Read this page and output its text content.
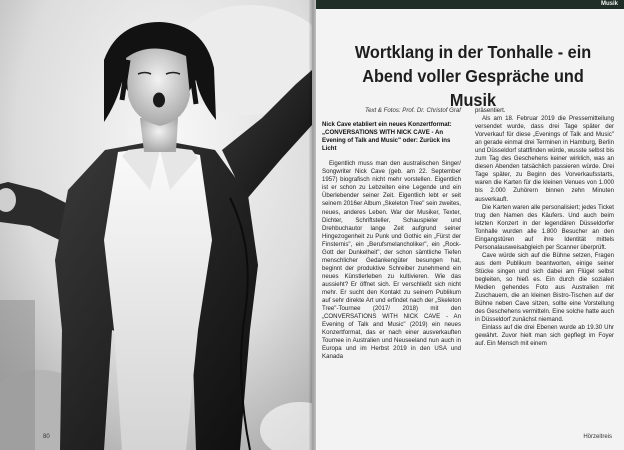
80
Musik
Wortklang in der Tonhalle - ein
Abend voller Gespräche und Musik

Text & Fotos: Prof. Dr. Christof Graf

Nick Cave etabliert ein neues Konzertformat: „CONVERSATIONS WITH NICK CAVE - An Evening of Talk and Music" oder: Zurück ins Licht

Eigentlich muss man den australischen Singer/ Songwriter Nick Cave (geb. am 22. September 1957) biografisch nicht mehr vorstellen. Eigentlich ist er schon zu Lebzeiten eine Legende und ein Überlebender seiner Zeit. Eigentlich lebt er seit seinem 2016er Album „Skeleton Tree" sein zweites, neues, anderes Leben. War der Musiker, Texter, Dichter, Schriftsteller, Schauspieler und Drehbuchautor lange Zeit aufgrund seiner Hingezogenheit zu Punk und Gothic ein „Fürst der Finsternis", ein „Berufsmelancholiker", ein „Rock-Gott der Dunkelheit", der schon sämtliche Tiefen menschlicher Gedankengüter besungen hat, beginnt der produktive Schreiber zunehmend ein neues Künstlerleben zu kultivieren. Wie das aussieht? Er öffnet sich. Er verschließt sich nicht mehr. Er sucht den Kontakt zu seinem Publikum auf sehr direkte Art und erfindet nach der „Skeleton Tree"-Tournee (2017/ 2018) mit den „CONVERSATIONS WITH NICK CAVE - An Evening of Talk and Music" (2019) ein neues Konzertformat, das er nach einer ausverkauften Tournee in Australien und Neuseeland nun auch in Europa und im Herbst 2019 in den USA und Kanada

präsentiert.

Als am 18. Februar 2019 die Pressemitteilung versendet wurde, dass drei Tage später der Vorverkauf für diese „Evenings of Talk and Music" an gerade einmal drei Terminen in Hamburg, Berlin und Düsseldorf stattfinden würde, wusste selbst bis zum Tag des Geschehens keiner wirklich, was an diesen Abenden tatsächlich passieren würde. Drei Tage später, zu Beginn des Vorverkaufsstarts, waren die Karten für die kleinen Venues von 1.000 bis 2.000 Zuhörern binnen zehn Minuten ausverkauft.

Die Karten waren alle personalisiert; jedes Ticket trug den Namen des Käufers. Und auch beim letzten Konzert in der legendären Düsseldorfer Tonhalle wurden alle 1.800 Besucher an den Eingangstüren auf ihre Identität mittels Personalausweisabgleich per Scanner überprüft.

Cave würde sich auf die Bühne setzen, Fragen aus dem Publikum beantworten, einige seiner Stücke singen und sich dabei am Flügel selbst begleiten, so hieß es. Ein durch die sozialen Medien gehendes Foto aus Australien mit Zuschauern, die an kleinen Bistro-Tischen auf der Bühne neben Cave sitzen, sollte eine Vorstellung des Geschehens vermitteln. Eine solche hatte auch in Düsseldorf zunächst niemand.

Einlass auf die drei Ebenen wurde ab 19.30 Uhr gewährt. Zuvor hielt man sich gepflegt im Foyer auf. Ein Mensch mit einem

Hörzeitreis
